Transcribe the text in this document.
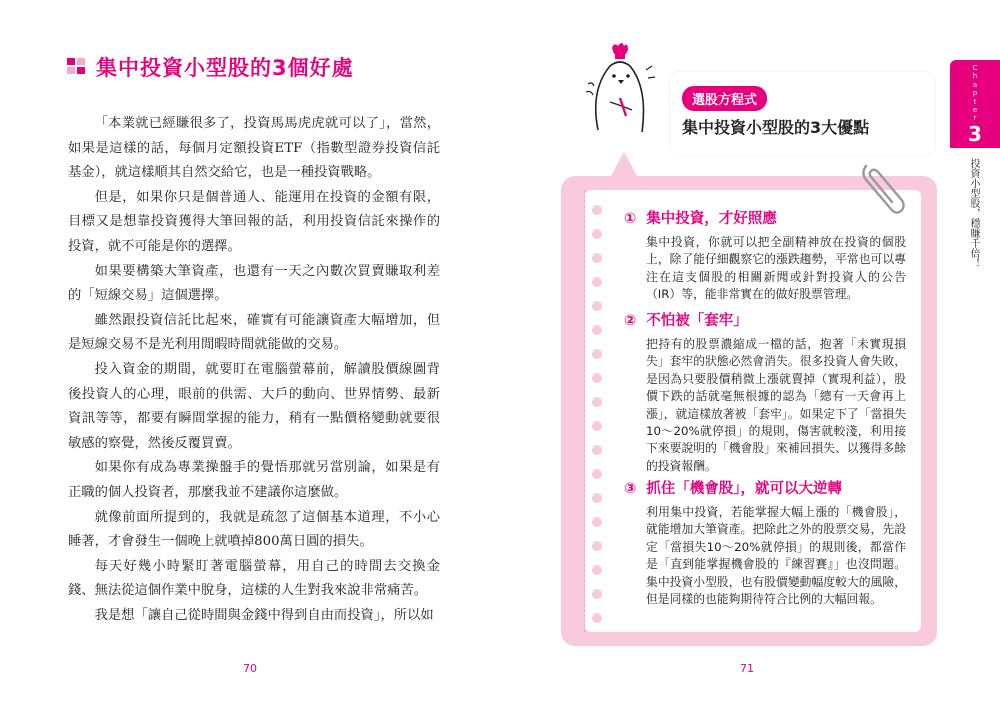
集中投資小型股的3個好處

「本業就已經賺很多了，投資馬馬虎虎就可以了」，當然，如果是這樣的話，每個月定額投資ETF（指數型證券投資信託基金），就這樣順其自然交給它，也是一種投資戰略。

但是，如果你只是個普通人、能運用在投資的金額有限，目標又是想靠投資獲得大筆回報的話，利用投資信託來操作的投資，就不可能是你的選擇。

如果要構築大筆資產，也還有一天之內數次買賣賺取利差的「短線交易」這個選擇。

雖然跟投資信託比起來，確實有可能讓資產大幅增加，但是短線交易不是光利用閒暇時間就能做的交易。

投入資金的期間，就要盯在電腦螢幕前，解讀股價線圖背後投資人的心理，眼前的供需、大戶的動向、世界情勢、最新資訊等等，都要有瞬間掌握的能力，稍有一點價格變動就要很敏感的察覺，然後反覆買賣。

如果你有成為專業操盤手的覺悟那就另當別論，如果是有正職的個人投資者，那麼我並不建議你這麼做。

就像前面所提到的，我就是疏忽了這個基本道理，不小心睡著，才會發生一個晚上就噴掉800萬日圓的損失。

每天好幾小時緊盯著電腦螢幕，用自己的時間去交換金錢、無法從這個作業中脫身，這樣的人生對我來說非常痛苦。

我是想「讓自己從時間與金錢中得到自由而投資」，所以如

70
選股方程式
集中投資小型股的3大優點
C
h
a
p
t
e
r
3
投資小型股，穩賺千倍！
① 集中投資，才好照應
集中投資，你就可以把全副精神放在投資的個股上，除了能仔細觀察它的漲跌趨勢，平常也可以專注在這支個股的相關新聞或針對投資人的公告（IR）等，能非常實在的做好股票管理。
② 不怕被「套牢」
把持有的股票濃縮成一檔的話，抱著「未實現損失」套牢的狀態必然會消失。很多投資人會失敗，是因為只要股價稍微上漲就賣掉（實現利益），股價下跌的話就毫無根據的認為「總有一天會再上漲」，就這樣放著被「套牢」。如果定下了「當損失10～20%就停損」的規則，傷害就較淺，利用接下來要說明的「機會股」來補回損失、以獲得多餘的投資報酬。
③ 抓住「機會股」，就可以大逆轉
利用集中投資，若能掌握大幅上漲的「機會股」，就能增加大筆資產。把除此之外的股票交易，先設定「當損失10～20%就停損」的規則後，都當作是「直到能掌握機會股的『練習賽』」也沒問題。集中投資小型股，也有股價變動幅度較大的風險，但是同樣的也能夠期待符合比例的大幅回報。
71
